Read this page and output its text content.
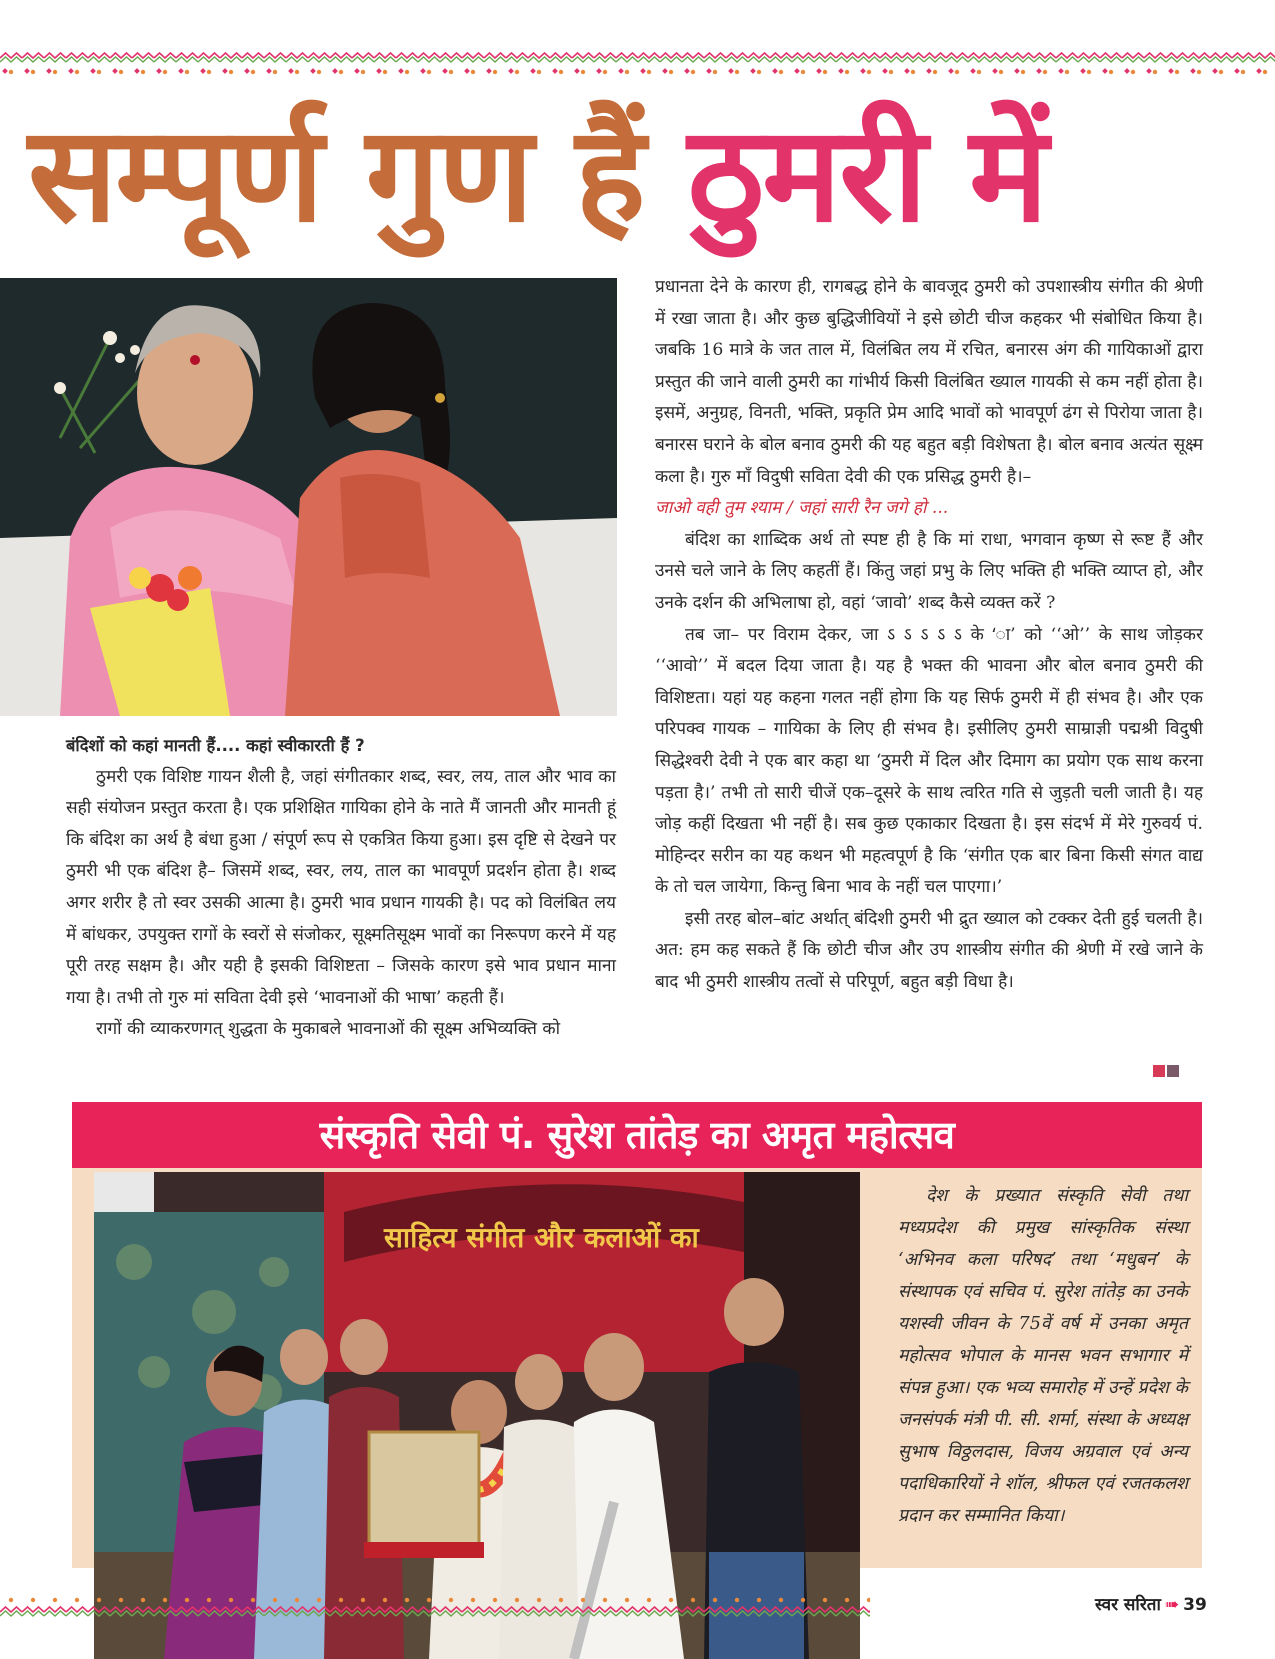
सम्पूर्ण गुण हैं ठुमरी में

बंदिशों को कहां मानती हैं.... कहां स्वीकारती हैं ?

ठुमरी एक विशिष्ट गायन शैली है, जहां संगीतकार शब्द, स्वर, लय, ताल और भाव का सही संयोजन प्रस्तुत करता है। एक प्रशिक्षित गायिका होने के नाते मैं जानती और मानती हूं कि बंदिश का अर्थ है बंधा हुआ / संपूर्ण रूप से एकत्रित किया हुआ। इस दृष्टि से देखने पर ठुमरी भी एक बंदिश है– जिसमें शब्द, स्वर, लय, ताल का भावपूर्ण प्रदर्शन होता है। शब्द अगर शरीर है तो स्वर उसकी आत्मा है। ठुमरी भाव प्रधान गायकी है। पद को विलंबित लय में बांधकर, उपयुक्त रागों के स्वरों से संजोकर, सूक्ष्मतिसूक्ष्म भावों का निरूपण करने में यह पूरी तरह सक्षम है। और यही है इसकी विशिष्टता – जिसके कारण इसे भाव प्रधान माना गया है। तभी तो गुरु मां सविता देवी इसे ‘भावनाओं की भाषा’ कहती हैं।

रागों की व्याकरणगत् शुद्धता के मुकाबले भावनाओं की सूक्ष्म अभिव्यक्ति को

प्रधानता देने के कारण ही, रागबद्ध होने के बावजूद ठुमरी को उपशास्त्रीय संगीत की श्रेणी में रखा जाता है। और कुछ बुद्धिजीवियों ने इसे छोटी चीज कहकर भी संबोधित किया है। जबकि 16 मात्रे के जत ताल में, विलंबित लय में रचित, बनारस अंग की गायिकाओं द्वारा प्रस्तुत की जाने वाली ठुमरी का गांभीर्य किसी विलंबित ख्याल गायकी से कम नहीं होता है। इसमें, अनुग्रह, विनती, भक्ति, प्रकृति प्रेम आदि भावों को भावपूर्ण ढंग से पिरोया जाता है। बनारस घराने के बोल बनाव ठुमरी की यह बहुत बड़ी विशेषता है। बोल बनाव अत्यंत सूक्ष्म कला है। गुरु माँ विदुषी सविता देवी की एक प्रसिद्ध ठुमरी है।–

जाओ वही तुम श्याम / जहां सारी रैन जगे हो ...

बंदिश का शाब्दिक अर्थ तो स्पष्ट ही है कि मां राधा, भगवान कृष्ण से रूष्ट हैं और उनसे चले जाने के लिए कहतीं हैं। किंतु जहां प्रभु के लिए भक्ति ही भक्ति व्याप्त हो, और उनके दर्शन की अभिलाषा हो, वहां ‘जावो’ शब्द कैसे व्यक्त करें ?

तब जा– पर विराम देकर, जा ऽ ऽ ऽ ऽ ऽ के ‘ा’ को ‘‘ओ’’ के साथ जोड़कर ‘‘आवो’’ में बदल दिया जाता है। यह है भक्त की भावना और बोल बनाव ठुमरी की विशिष्टता। यहां यह कहना गलत नहीं होगा कि यह सिर्फ ठुमरी में ही संभव है। और एक परिपक्व गायक – गायिका के लिए ही संभव है। इसीलिए ठुमरी साम्राज्ञी पद्मश्री विदुषी सिद्धेश्वरी देवी ने एक बार कहा था ‘ठुमरी में दिल और दिमाग का प्रयोग एक साथ करना पड़ता है।’ तभी तो सारी चीजें एक–दूसरे के साथ त्वरित गति से जुड़ती चली जाती है। यह जोड़ कहीं दिखता भी नहीं है। सब कुछ एकाकार दिखता है। इस संदर्भ में मेरे गुरुवर्य पं. मोहिन्दर सरीन का यह कथन भी महत्वपूर्ण है कि ‘संगीत एक बार बिना किसी संगत वाद्य के तो चल जायेगा, किन्तु बिना भाव के नहीं चल पाएगा।’

इसी तरह बोल–बांट अर्थात् बंदिशी ठुमरी भी द्रुत ख्याल को टक्कर देती हुई चलती है। अत: हम कह सकते हैं कि छोटी चीज और उप शास्त्रीय संगीत की श्रेणी में रखे जाने के बाद भी ठुमरी शास्त्रीय तत्वों से परिपूर्ण, बहुत बड़ी विधा है।

संस्कृति सेवी पं. सुरेश तांतेड़ का अमृत महोत्सव
साहित्य संगीत और कलाओं का

देश के प्रख्यात संस्कृति सेवी तथा मध्यप्रदेश की प्रमुख सांस्कृतिक संस्था ‘अभिनव कला परिषद’ तथा ‘मधुबन’ के संस्थापक एवं सचिव पं. सुरेश तांतेड़ का उनके यशस्वी जीवन के 75वें वर्ष में उनका अमृत महोत्सव भोपाल के मानस भवन सभागार में संपन्न हुआ। एक भव्य समारोह में उन्हें प्रदेश के जनसंपर्क मंत्री पी. सी. शर्मा, संस्था के अध्यक्ष सुभाष विठ्ठलदास, विजय अग्रवाल एवं अन्य पदाधिकारियों ने शॉल, श्रीफल एवं रजतकलश प्रदान कर सम्मानित किया।

स्वर सरिता ➠ 39
